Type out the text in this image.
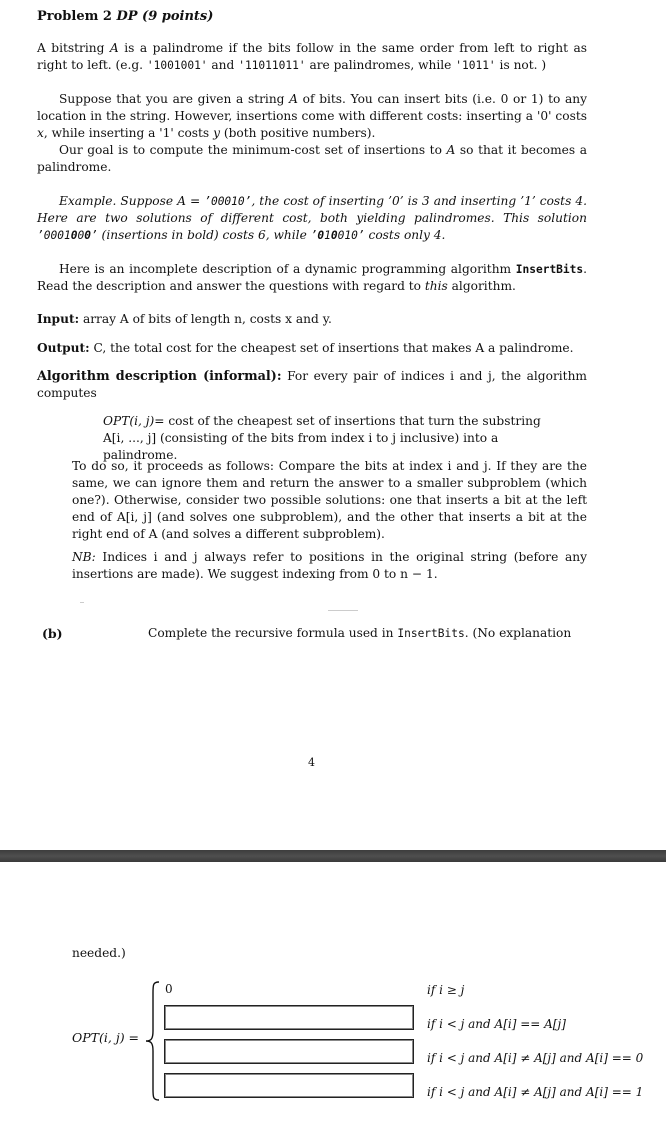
Problem 2 DP (9 points)
A bitstring A is a palindrome if the bits follow in the same order from left to right as right to left. (e.g. '1001001' and '11011011' are palindromes, while '1011' is not. )
Suppose that you are given a string A of bits. You can insert bits (i.e. 0 or 1) to any location in the string. However, insertions come with different costs: inserting a '0' costs x, while inserting a '1' costs y (both positive numbers).
Our goal is to compute the minimum-cost set of insertions to A so that it becomes a palindrome.
Example. Suppose A = ’00010’, the cost of inserting ’0’ is 3 and inserting ’1’ costs 4. Here are two solutions of different cost, both yielding palindromes. This solution ’0001000’ (insertions in bold) costs 6, while ’010010’ costs only 4.
Here is an incomplete description of a dynamic programming algorithm InsertBits. Read the description and answer the questions with regard to this algorithm.
Input: array A of bits of length n, costs x and y.
Output: C, the total cost for the cheapest set of insertions that makes A a palindrome.
Algorithm description (informal): For every pair of indices i and j, the algorithm computes
OPT(i, j)= cost of the cheapest set of insertions that turn the substring A[i, ..., j] (consisting of the bits from index i to j inclusive) into a palindrome.
To do so, it proceeds as follows: Compare the bits at index i and j. If they are the same, we can ignore them and return the answer to a smaller subproblem (which one?). Otherwise, consider two possible solutions: one that inserts a bit at the left end of A[i, j] (and solves one subproblem), and the other that inserts a bit at the right end of A (and solves a different subproblem).
NB: Indices i and j always refer to positions in the original string (before any insertions are made). We suggest indexing from 0 to n − 1.
(b)	Complete the recursive formula used in InsertBits. (No explanation
4
needed.)
OPT(i, j) =
0	if i ≥ j
if i < j and A[i] == A[j]
if i < j and A[i] ≠ A[j] and A[i] == 0
if i < j and A[i] ≠ A[j] and A[i] == 1
